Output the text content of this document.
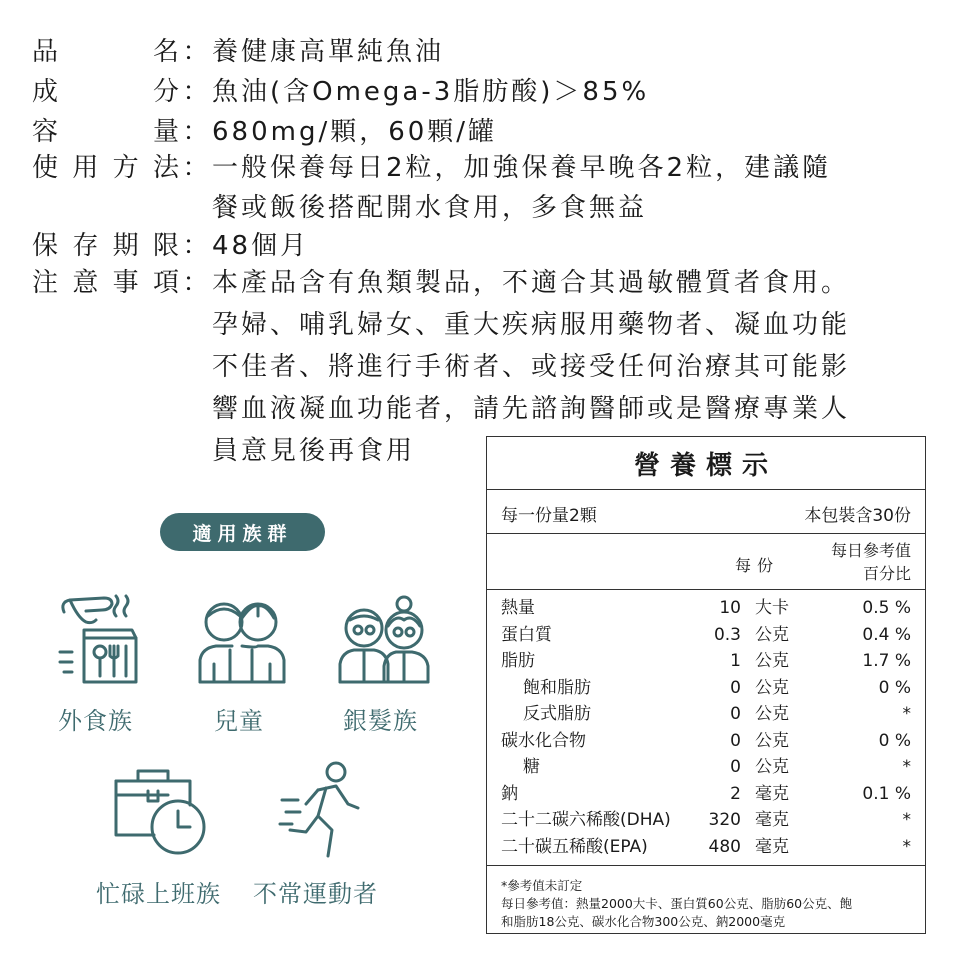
品	名 ： 養健康高單純魚油
成	分 ： 魚油(含Omega-3脂肪酸)＞85%
容	量 ： 680mg/顆，60顆/罐
使 用 方 法 ： 一般保養每日2粒，加強保養早晚各2粒，建議隨
餐或飯後搭配開水食用，多食無益
保 存 期 限 ： 48個月
注 意 事 項 ： 本產品含有魚類製品，不適合其過敏體質者食用。
孕婦、哺乳婦女、重大疾病服用藥物者、凝血功能
不佳者、將進行手術者、或接受任何治療其可能影
響血液凝血功能者，請先諮詢醫師或是醫療專業人
員意見後再食用
適用族群
外食族	兒童	銀髮族
忙碌上班族 不常運動者
營養標示
每一份量2顆	本包裝含30份
每份
每日參考值
百分比
熱量	10 大卡	0.5 %
蛋白質	0.3 公克	0.4 %
脂肪	1 公克	1.7 %
飽和脂肪	0 公克	0 %
反式脂肪	0 公克	*
碳水化合物	0 公克	0 %
糖	0 公克	*
鈉	2 毫克	0.1 %
二十二碳六稀酸(DHA) 320 毫克	*
二十碳五稀酸(EPA)	480 毫克	*
*參考值未訂定
每日參考值：熱量2000大卡、蛋白質60公克、脂肪60公克、飽
和脂肪18公克、碳水化合物300公克、鈉2000毫克
